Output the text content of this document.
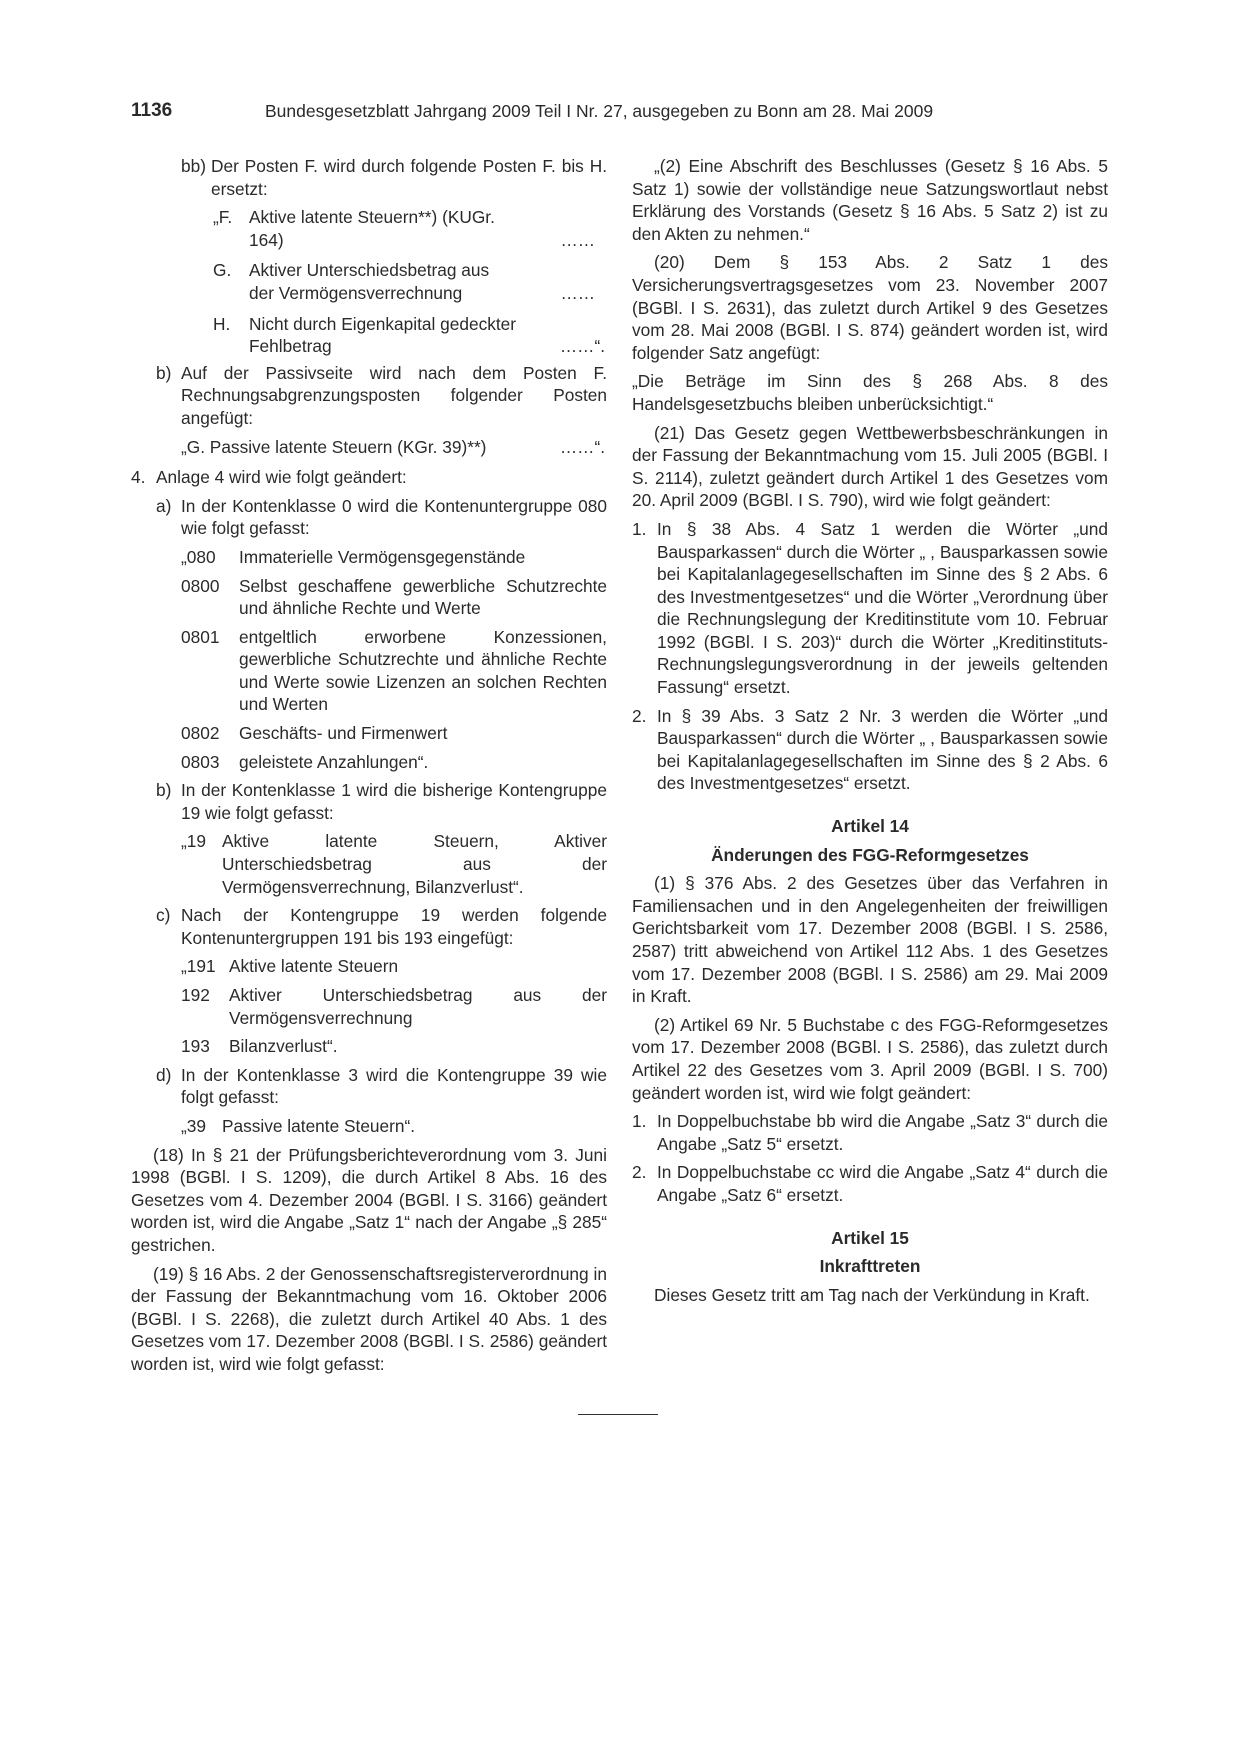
1136	Bundesgesetzblatt Jahrgang 2009 Teil I Nr. 27, ausgegeben zu Bonn am 28. Mai 2009
bb) Der Posten F. wird durch folgende Posten F. bis H. ersetzt:
„F. Aktive latente Steuern**) (KUGr. 164)	……
G. Aktiver Unterschiedsbetrag aus der Vermögensverrechnung	……
H. Nicht durch Eigenkapital gedeckter Fehlbetrag	……“.
b) Auf der Passivseite wird nach dem Posten F. Rechnungsabgrenzungsposten folgender Posten angefügt:
„G. Passive latente Steuern (KGr. 39)**)	……“.
4. Anlage 4 wird wie folgt geändert:
a) In der Kontenklasse 0 wird die Kontenuntergruppe 080 wie folgt gefasst:
„080 Immaterielle Vermögensgegenstände
0800 Selbst geschaffene gewerbliche Schutzrechte und ähnliche Rechte und Werte
0801 entgeltlich erworbene Konzessionen, gewerbliche Schutzrechte und ähnliche Rechte und Werte sowie Lizenzen an solchen Rechten und Werten
0802 Geschäfts- und Firmenwert
0803 geleistete Anzahlungen“.
b) In der Kontenklasse 1 wird die bisherige Kontengruppe 19 wie folgt gefasst:
„19 Aktive latente Steuern, Aktiver Unterschiedsbetrag aus der Vermögensverrechnung, Bilanzverlust“.
c) Nach der Kontengruppe 19 werden folgende Kontenuntergruppen 191 bis 193 eingefügt:
„191 Aktive latente Steuern
192 Aktiver Unterschiedsbetrag aus der Vermögensverrechnung
193 Bilanzverlust“.
d) In der Kontenklasse 3 wird die Kontengruppe 39 wie folgt gefasst:
„39 Passive latente Steuern“.

(18) In § 21 der Prüfungsberichteverordnung vom 3. Juni 1998 (BGBl. I S. 1209), die durch Artikel 8 Abs. 16 des Gesetzes vom 4. Dezember 2004 (BGBl. I S. 3166) geändert worden ist, wird die Angabe „Satz 1“ nach der Angabe „§ 285“ gestrichen.

(19) § 16 Abs. 2 der Genossenschaftsregisterverordnung in der Fassung der Bekanntmachung vom 16. Oktober 2006 (BGBl. I S. 2268), die zuletzt durch Artikel 40 Abs. 1 des Gesetzes vom 17. Dezember 2008 (BGBl. I S. 2586) geändert worden ist, wird wie folgt gefasst:

„(2) Eine Abschrift des Beschlusses (Gesetz § 16 Abs. 5 Satz 1) sowie der vollständige neue Satzungswortlaut nebst Erklärung des Vorstands (Gesetz § 16 Abs. 5 Satz 2) ist zu den Akten zu nehmen.“

(20) Dem § 153 Abs. 2 Satz 1 des Versicherungsvertragsgesetzes vom 23. November 2007 (BGBl. I S. 2631), das zuletzt durch Artikel 9 des Gesetzes vom 28. Mai 2008 (BGBl. I S. 874) geändert worden ist, wird folgender Satz angefügt:

„Die Beträge im Sinn des § 268 Abs. 8 des Handelsgesetzbuchs bleiben unberücksichtigt.“

(21) Das Gesetz gegen Wettbewerbsbeschränkungen in der Fassung der Bekanntmachung vom 15. Juli 2005 (BGBl. I S. 2114), zuletzt geändert durch Artikel 1 des Gesetzes vom 20. April 2009 (BGBl. I S. 790), wird wie folgt geändert:

1. In § 38 Abs. 4 Satz 1 werden die Wörter „und Bausparkassen“ durch die Wörter „ , Bausparkassen sowie bei Kapitalanlagegesellschaften im Sinne des § 2 Abs. 6 des Investmentgesetzes“ und die Wörter „Verordnung über die Rechnungslegung der Kreditinstitute vom 10. Februar 1992 (BGBl. I S. 203)“ durch die Wörter „Kreditinstituts-Rechnungslegungsverordnung in der jeweils geltenden Fassung“ ersetzt.
2. In § 39 Abs. 3 Satz 2 Nr. 3 werden die Wörter „und Bausparkassen“ durch die Wörter „ , Bausparkassen sowie bei Kapitalanlagegesellschaften im Sinne des § 2 Abs. 6 des Investmentgesetzes“ ersetzt.
Artikel 14
Änderungen des FGG-Reformgesetzes

(1) § 376 Abs. 2 des Gesetzes über das Verfahren in Familiensachen und in den Angelegenheiten der freiwilligen Gerichtsbarkeit vom 17. Dezember 2008 (BGBl. I S. 2586, 2587) tritt abweichend von Artikel 112 Abs. 1 des Gesetzes vom 17. Dezember 2008 (BGBl. I S. 2586) am 29. Mai 2009 in Kraft.

(2) Artikel 69 Nr. 5 Buchstabe c des FGG-Reformgesetzes vom 17. Dezember 2008 (BGBl. I S. 2586), das zuletzt durch Artikel 22 des Gesetzes vom 3. April 2009 (BGBl. I S. 700) geändert worden ist, wird wie folgt geändert:

1. In Doppelbuchstabe bb wird die Angabe „Satz 3“ durch die Angabe „Satz 5“ ersetzt.
2. In Doppelbuchstabe cc wird die Angabe „Satz 4“ durch die Angabe „Satz 6“ ersetzt.
Artikel 15
Inkrafttreten

Dieses Gesetz tritt am Tag nach der Verkündung in Kraft.
